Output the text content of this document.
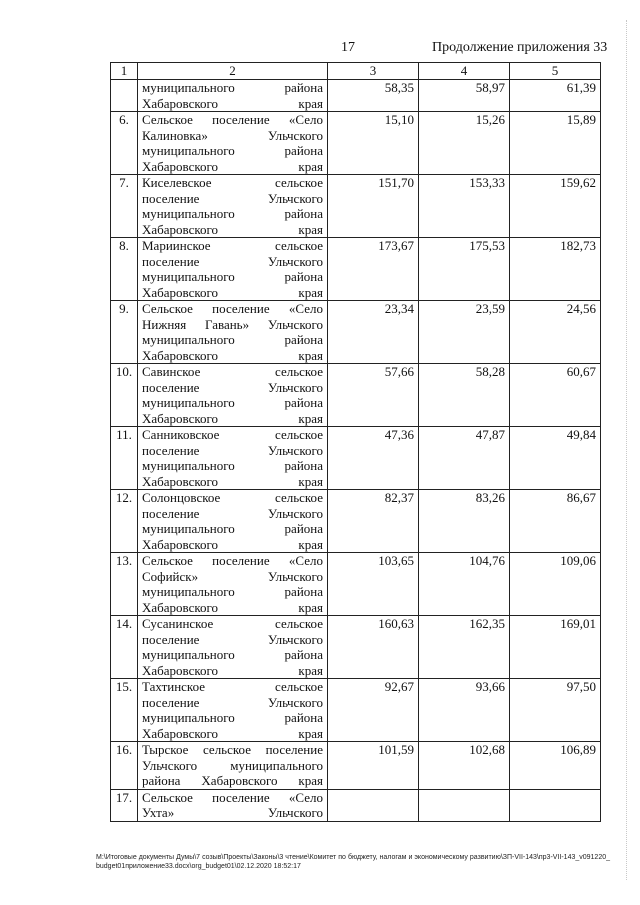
17	Продолжение приложения 33
1	2	3	4	5

	муниципального района
Хабаровского края	58,35	58,97	61,39
6.	Сельское поселение «Село
Калиновка» Ульчского
муниципального района
Хабаровского края	15,10	15,26	15,89
7.	Киселевское сельское
поселение Ульчского
муниципального района
Хабаровского края	151,70	153,33	159,62
8.	Мариинское сельское
поселение Ульчского
муниципального района
Хабаровского края	173,67	175,53	182,73
9.	Сельское поселение «Село
Нижняя Гавань» Ульчского
муниципального района
Хабаровского края	23,34	23,59	24,56
10.	Савинское сельское
поселение Ульчского
муниципального района
Хабаровского края	57,66	58,28	60,67
11.	Санниковское сельское
поселение Ульчского
муниципального района
Хабаровского края	47,36	47,87	49,84
12.	Солонцовское сельское
поселение Ульчского
муниципального района
Хабаровского края	82,37	83,26	86,67
13.	Сельское поселение «Село
Софийск» Ульчского
муниципального района
Хабаровского края	103,65	104,76	109,06
14.	Сусанинское сельское
поселение Ульчского
муниципального района
Хабаровского края	160,63	162,35	169,01
15.	Тахтинское сельское
поселение Ульчского
муниципального района
Хабаровского края	92,67	93,66	97,50
16.	Тырское сельское поселение
Ульчского муниципального
района Хабаровского края	101,59	102,68	106,89
17.	Сельское поселение «Село
Ухта» Ульчского			

M:\Итоговые документы Думы\7 созыв\Проекты\Законы\3 чтение\Комитет по бюджету, налогам и экономическому развитию\ЗП-VII-143\пр3-VII-143_v091220_budget01приложение33.docx\org_budget01\02.12.2020 18:52:17
